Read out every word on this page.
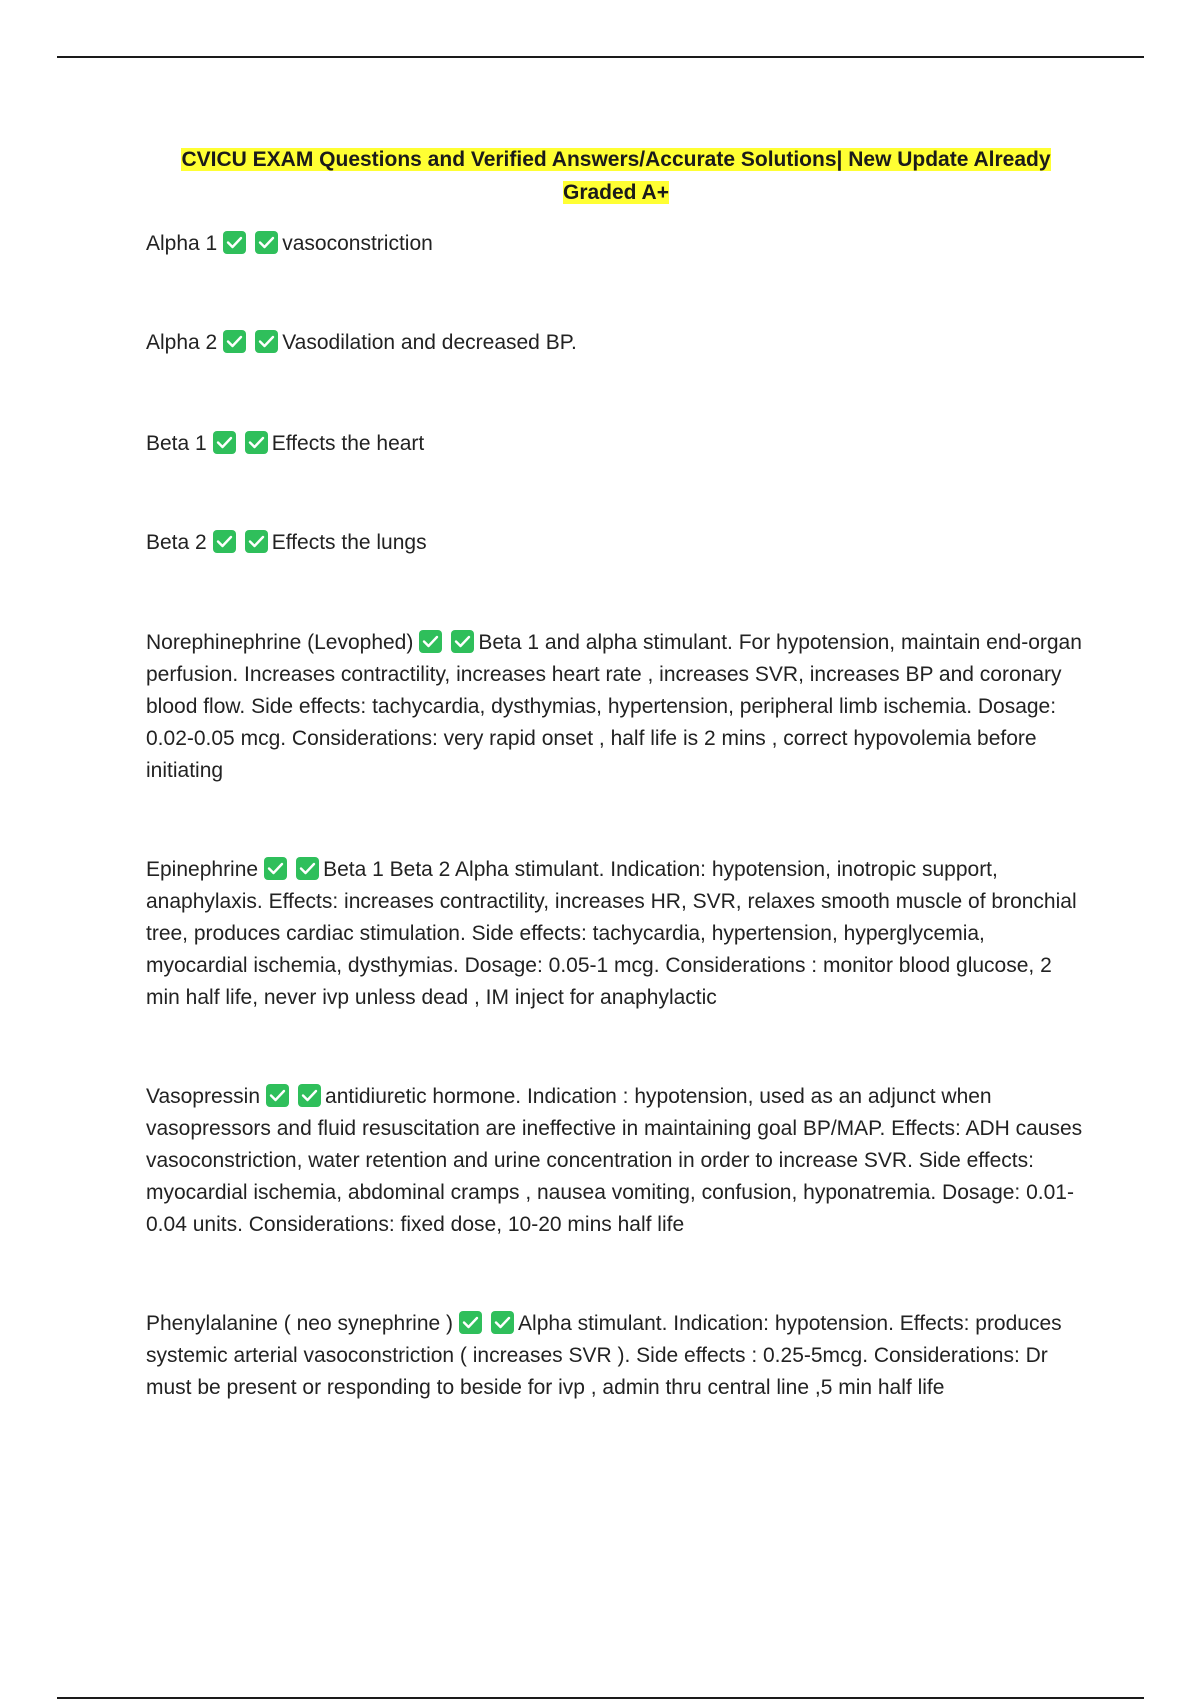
CVICU EXAM Questions and Verified Answers/Accurate Solutions| New Update Already Graded A+

Alpha 1	vasoconstriction

Alpha 2	Vasodilation and decreased BP.

Beta 1	Effects the heart

Beta 2	Effects the lungs

Norephinephrine (Levophed)	Beta 1 and alpha stimulant. For hypotension, maintain end-organ perfusion. Increases contractility, increases heart rate , increases SVR, increases BP and coronary blood flow. Side effects: tachycardia, dysthymias, hypertension, peripheral limb ischemia. Dosage: 0.02-0.05 mcg. Considerations: very rapid onset , half life is 2 mins , correct hypovolemia before initiating

Epinephrine	Beta 1 Beta 2 Alpha stimulant. Indication: hypotension, inotropic support, anaphylaxis. Effects: increases contractility, increases HR, SVR, relaxes smooth muscle of bronchial tree, produces cardiac stimulation. Side effects: tachycardia, hypertension, hyperglycemia, myocardial ischemia, dysthymias. Dosage: 0.05-1 mcg. Considerations : monitor blood glucose, 2 min half life, never ivp unless dead , IM inject for anaphylactic

Vasopressin	antidiuretic hormone. Indication : hypotension, used as an adjunct when vasopressors and fluid resuscitation are ineffective in maintaining goal BP/MAP. Effects: ADH causes vasoconstriction, water retention and urine concentration in order to increase SVR. Side effects: myocardial ischemia, abdominal cramps , nausea vomiting, confusion, hyponatremia. Dosage: 0.01-0.04 units. Considerations: fixed dose, 10-20 mins half life

Phenylalanine ( neo synephrine )	Alpha stimulant. Indication: hypotension. Effects: produces systemic arterial vasoconstriction ( increases SVR ). Side effects : 0.25-5mcg. Considerations: Dr must be present or responding to beside for ivp , admin thru central line ,5 min half life
